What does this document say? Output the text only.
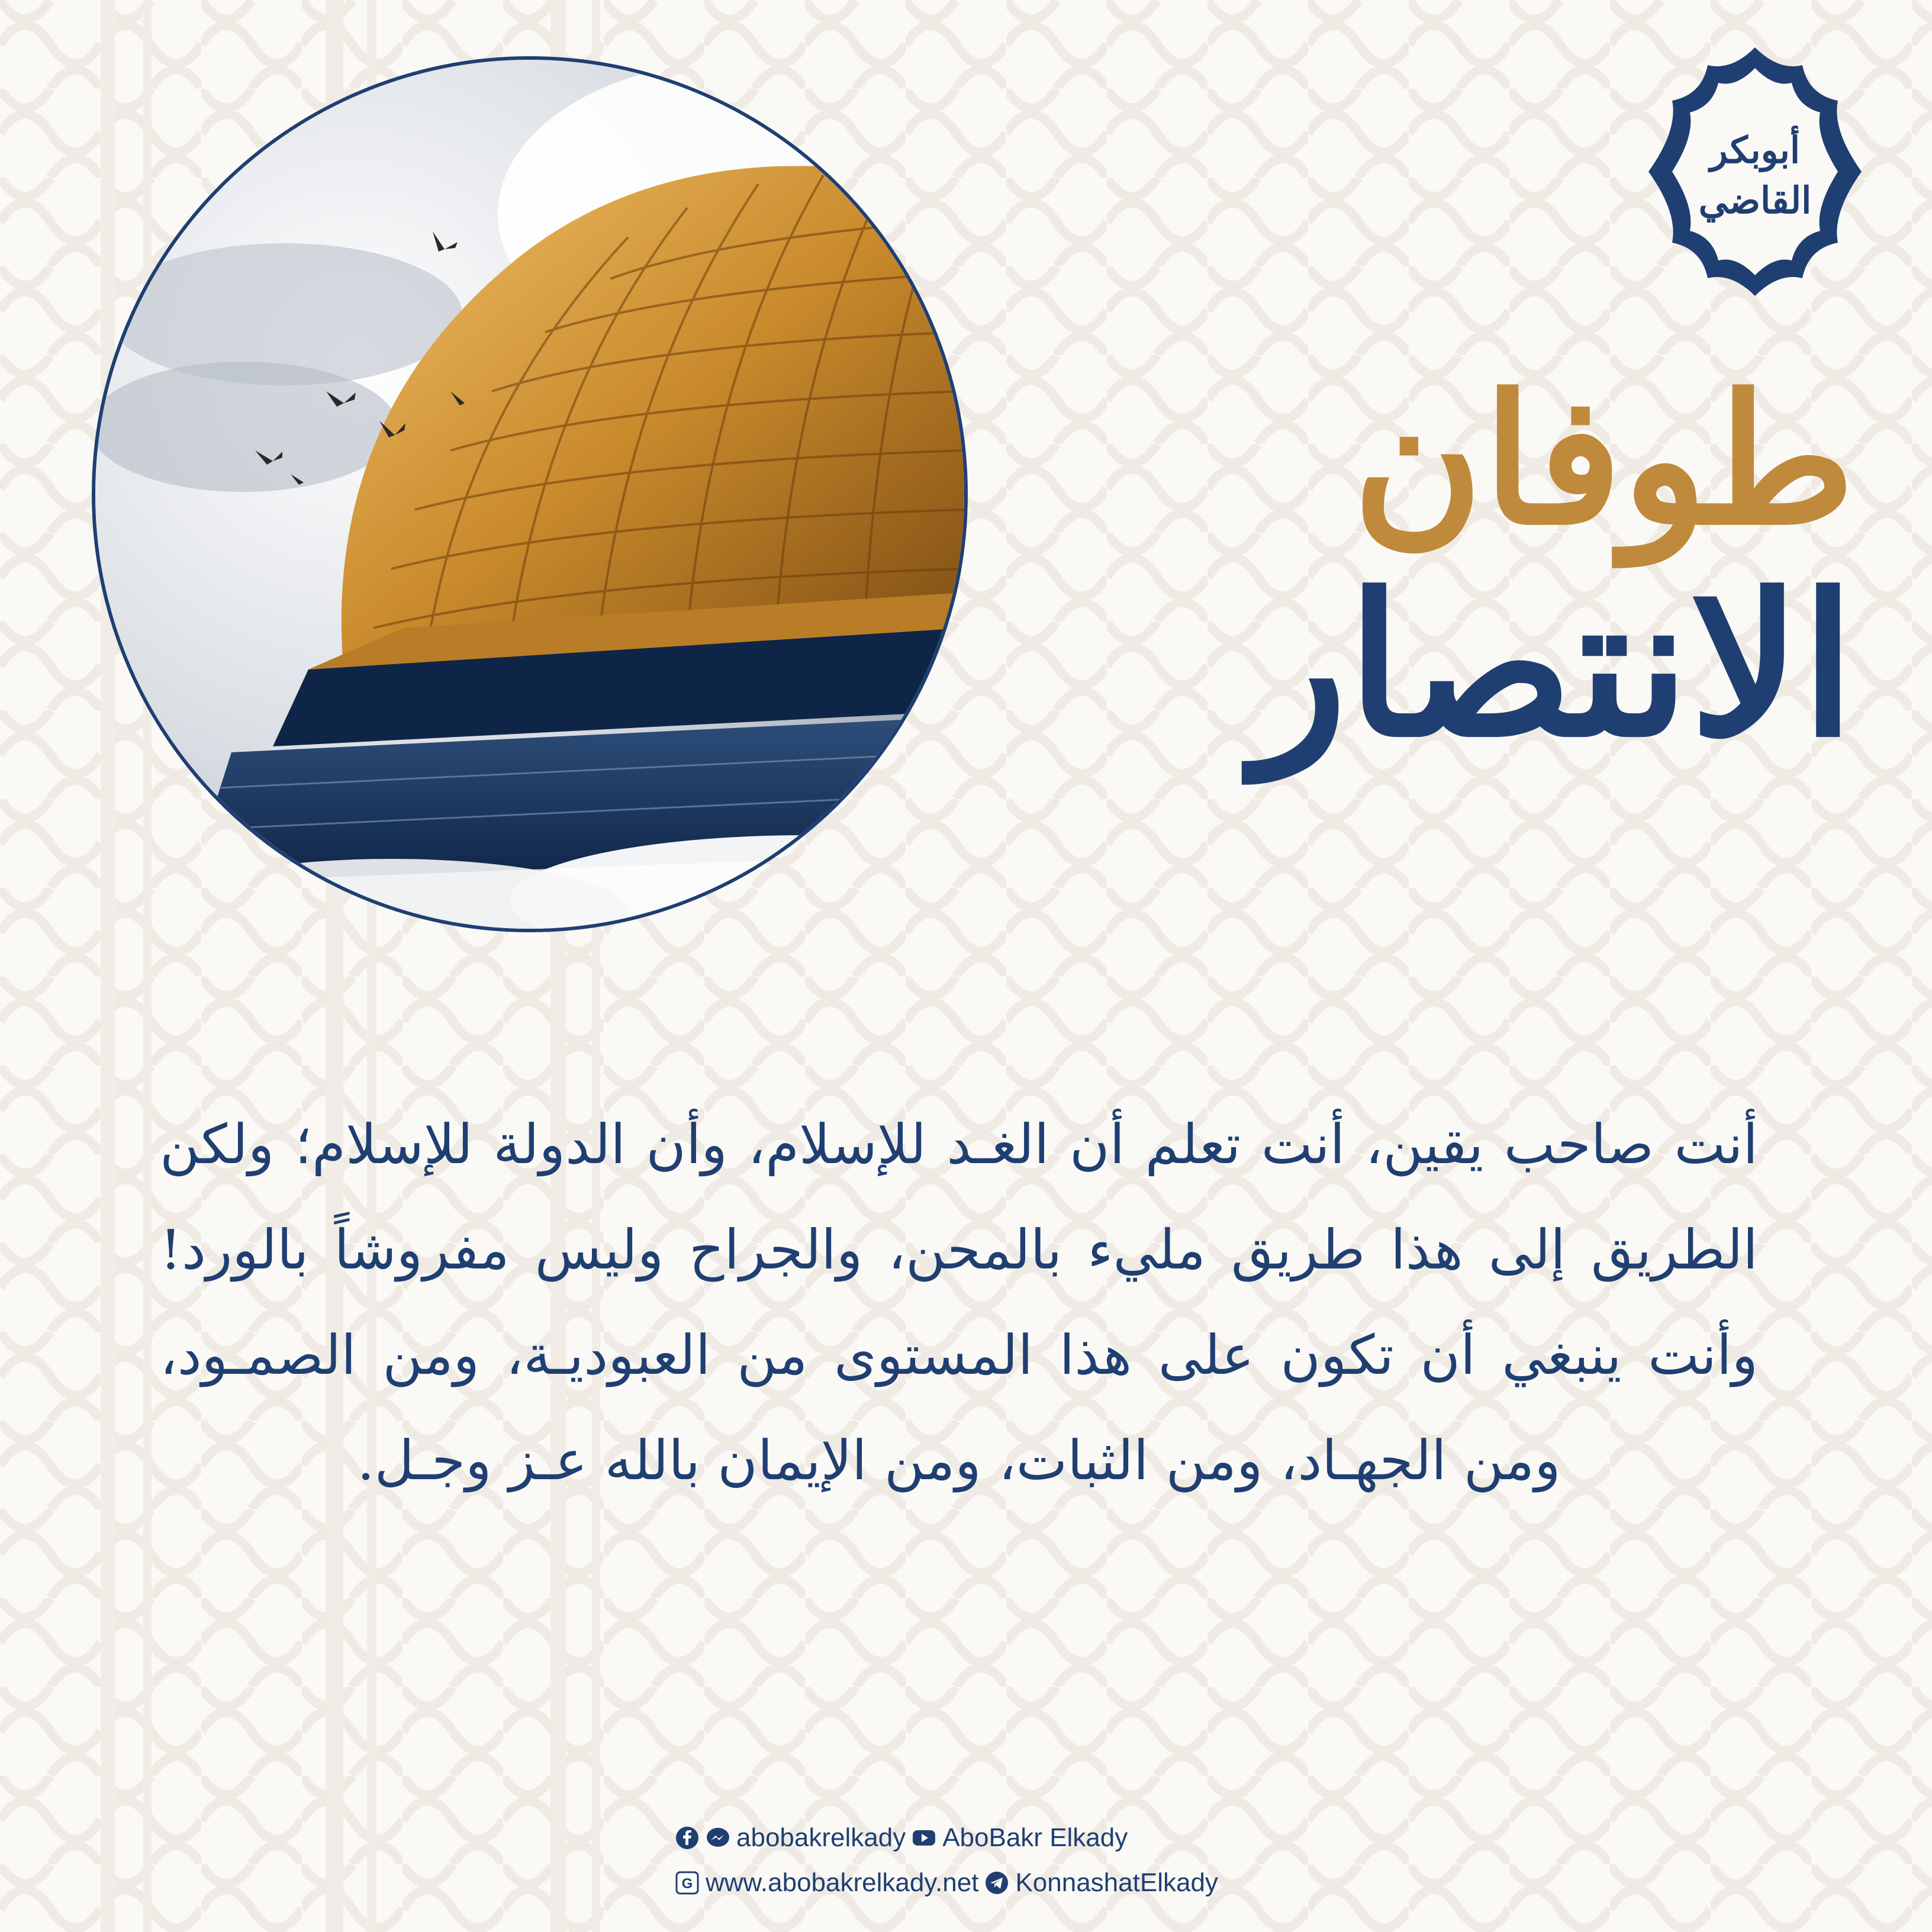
أبوبكر
القاضي
طوفان
الانتصار
أنت صاحب يقين، أنت تعلم أن الغـد للإسلام، وأن الدولة للإسلام؛ ولكن الطريق إلى هذا طريق مليء بالمحن، والجراح وليس مفروشاً بالورد! وأنت ينبغي أن تكون على هذا المستوى من العبوديـة، ومن الصمـود، ومن الجهـاد، ومن الثبات، ومن الإيمان بالله عـز وجـل.
abobakrelkady AboBakr Elkady
G www.abobakrelkady.net KonnashatElkady
